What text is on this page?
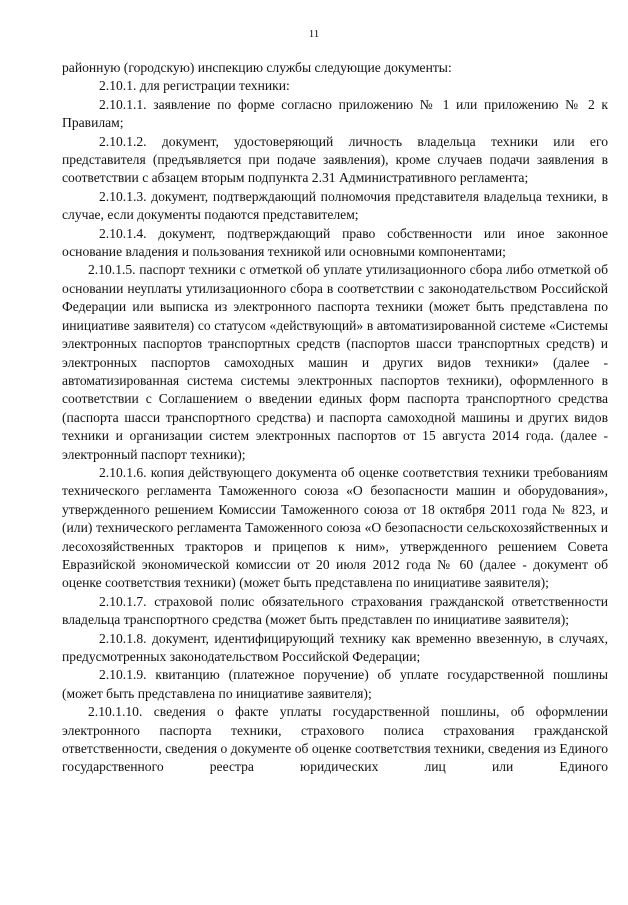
11

районную (городскую) инспекцию службы следующие документы:

2.10.1. для регистрации техники:

2.10.1.1. заявление по форме согласно приложению № 1 или приложению № 2 к Правилам;

2.10.1.2. документ, удостоверяющий личность владельца техники или его представителя (предъявляется при подаче заявления), кроме случаев подачи заявления в соответствии с абзацем вторым подпункта 2.31 Административного регламента;

2.10.1.3. документ, подтверждающий полномочия представителя владельца техники, в случае, если документы подаются представителем;

2.10.1.4. документ, подтверждающий право собственности или иное законное основание владения и пользования техникой или основными компонентами;

2.10.1.5. паспорт техники с отметкой об уплате утилизационного сбора либо отметкой об основании неуплаты утилизационного сбора в соответствии с законодательством Российской Федерации или выписка из электронного паспорта техники (может быть представлена по инициативе заявителя) со статусом «действующий» в автоматизированной системе «Системы электронных паспортов транспортных средств (паспортов шасси транспортных средств) и электронных паспортов самоходных машин и других видов техники» (далее - автоматизированная система системы электронных паспортов техники), оформленного в соответствии с Соглашением о введении единых форм паспорта транспортного средства (паспорта шасси транспортного средства) и паспорта самоходной машины и других видов техники и организации систем электронных паспортов от 15 августа 2014 года. (далее - электронный паспорт техники);

2.10.1.6. копия действующего документа об оценке соответствия техники требованиям технического регламента Таможенного союза «О безопасности машин и оборудования», утвержденного решением Комиссии Таможенного союза от 18 октября 2011 года № 823, и (или) технического регламента Таможенного союза «О безопасности сельскохозяйственных и лесохозяйственных тракторов и прицепов к ним», утвержденного решением Совета Евразийской экономической комиссии от 20 июля 2012 года № 60 (далее - документ об оценке соответствия техники) (может быть представлена по инициативе заявителя);

2.10.1.7. страховой полис обязательного страхования гражданской ответственности владельца транспортного средства (может быть представлен по инициативе заявителя);

2.10.1.8. документ, идентифицирующий технику как временно ввезенную, в случаях, предусмотренных законодательством Российской Федерации;

2.10.1.9. квитанцию (платежное поручение) об уплате государственной пошлины (может быть представлена по инициативе заявителя);

2.10.1.10. сведения о факте уплаты государственной пошлины, об оформлении электронного паспорта техники, страхового полиса страхования гражданской ответственности, сведения о документе об оценке соответствия техники, сведения из Единого государственного реестра юридических лиц или Единого
